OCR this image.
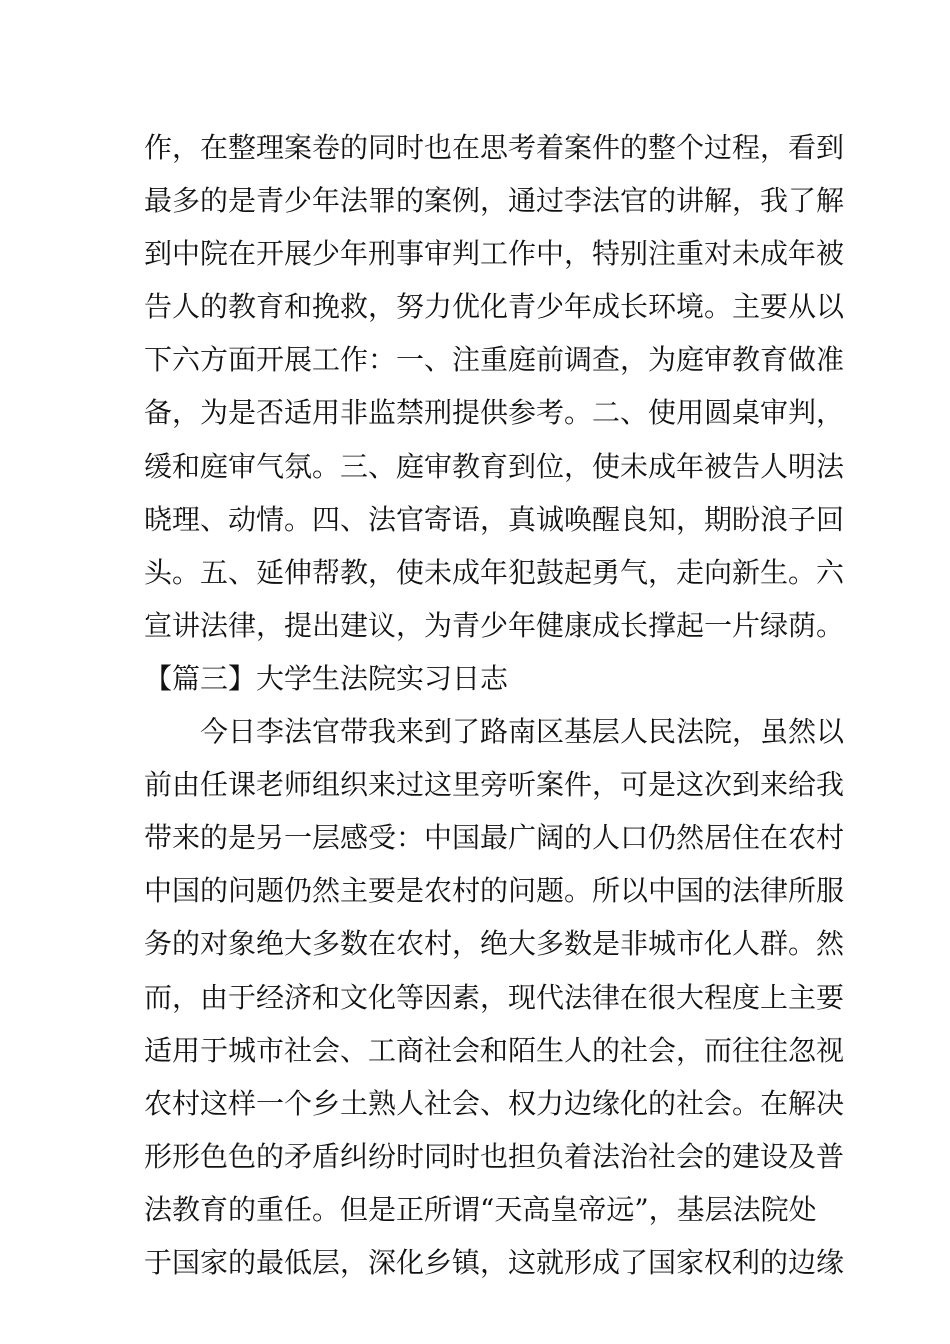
作，在整理案卷的同时也在思考着案件的整个过程，看到
最多的是青少年法罪的案例，通过李法官的讲解，我了解
到中院在开展少年刑事审判工作中，特别注重对未成年被
告人的教育和挽救，努力优化青少年成长环境。主要从以
下六方面开展工作：一、注重庭前调查，为庭审教育做准
备，为是否适用非监禁刑提供参考。二、使用圆桌审判，
缓和庭审气氛。三、庭审教育到位，使未成年被告人明法
晓理、动情。四、法官寄语，真诚唤醒良知，期盼浪子回
头。五、延伸帮教，使未成年犯鼓起勇气，走向新生。六
宣讲法律，提出建议，为青少年健康成长撑起一片绿荫。
【篇三】大学生法院实习日志
今日李法官带我来到了路南区基层人民法院，虽然以
前由任课老师组织来过这里旁听案件，可是这次到来给我
带来的是另一层感受：中国最广阔的人口仍然居住在农村
中国的问题仍然主要是农村的问题。所以中国的法律所服
务的对象绝大多数在农村，绝大多数是非城市化人群。然
而，由于经济和文化等因素，现代法律在很大程度上主要
适用于城市社会、工商社会和陌生人的社会，而往往忽视
农村这样一个乡土熟人社会、权力边缘化的社会。在解决
形形色色的矛盾纠纷时同时也担负着法治社会的建设及普
法教育的重任。但是正所谓“天高皇帝远”，基层法院处
于国家的最低层，深化乡镇，这就形成了国家权利的边缘
